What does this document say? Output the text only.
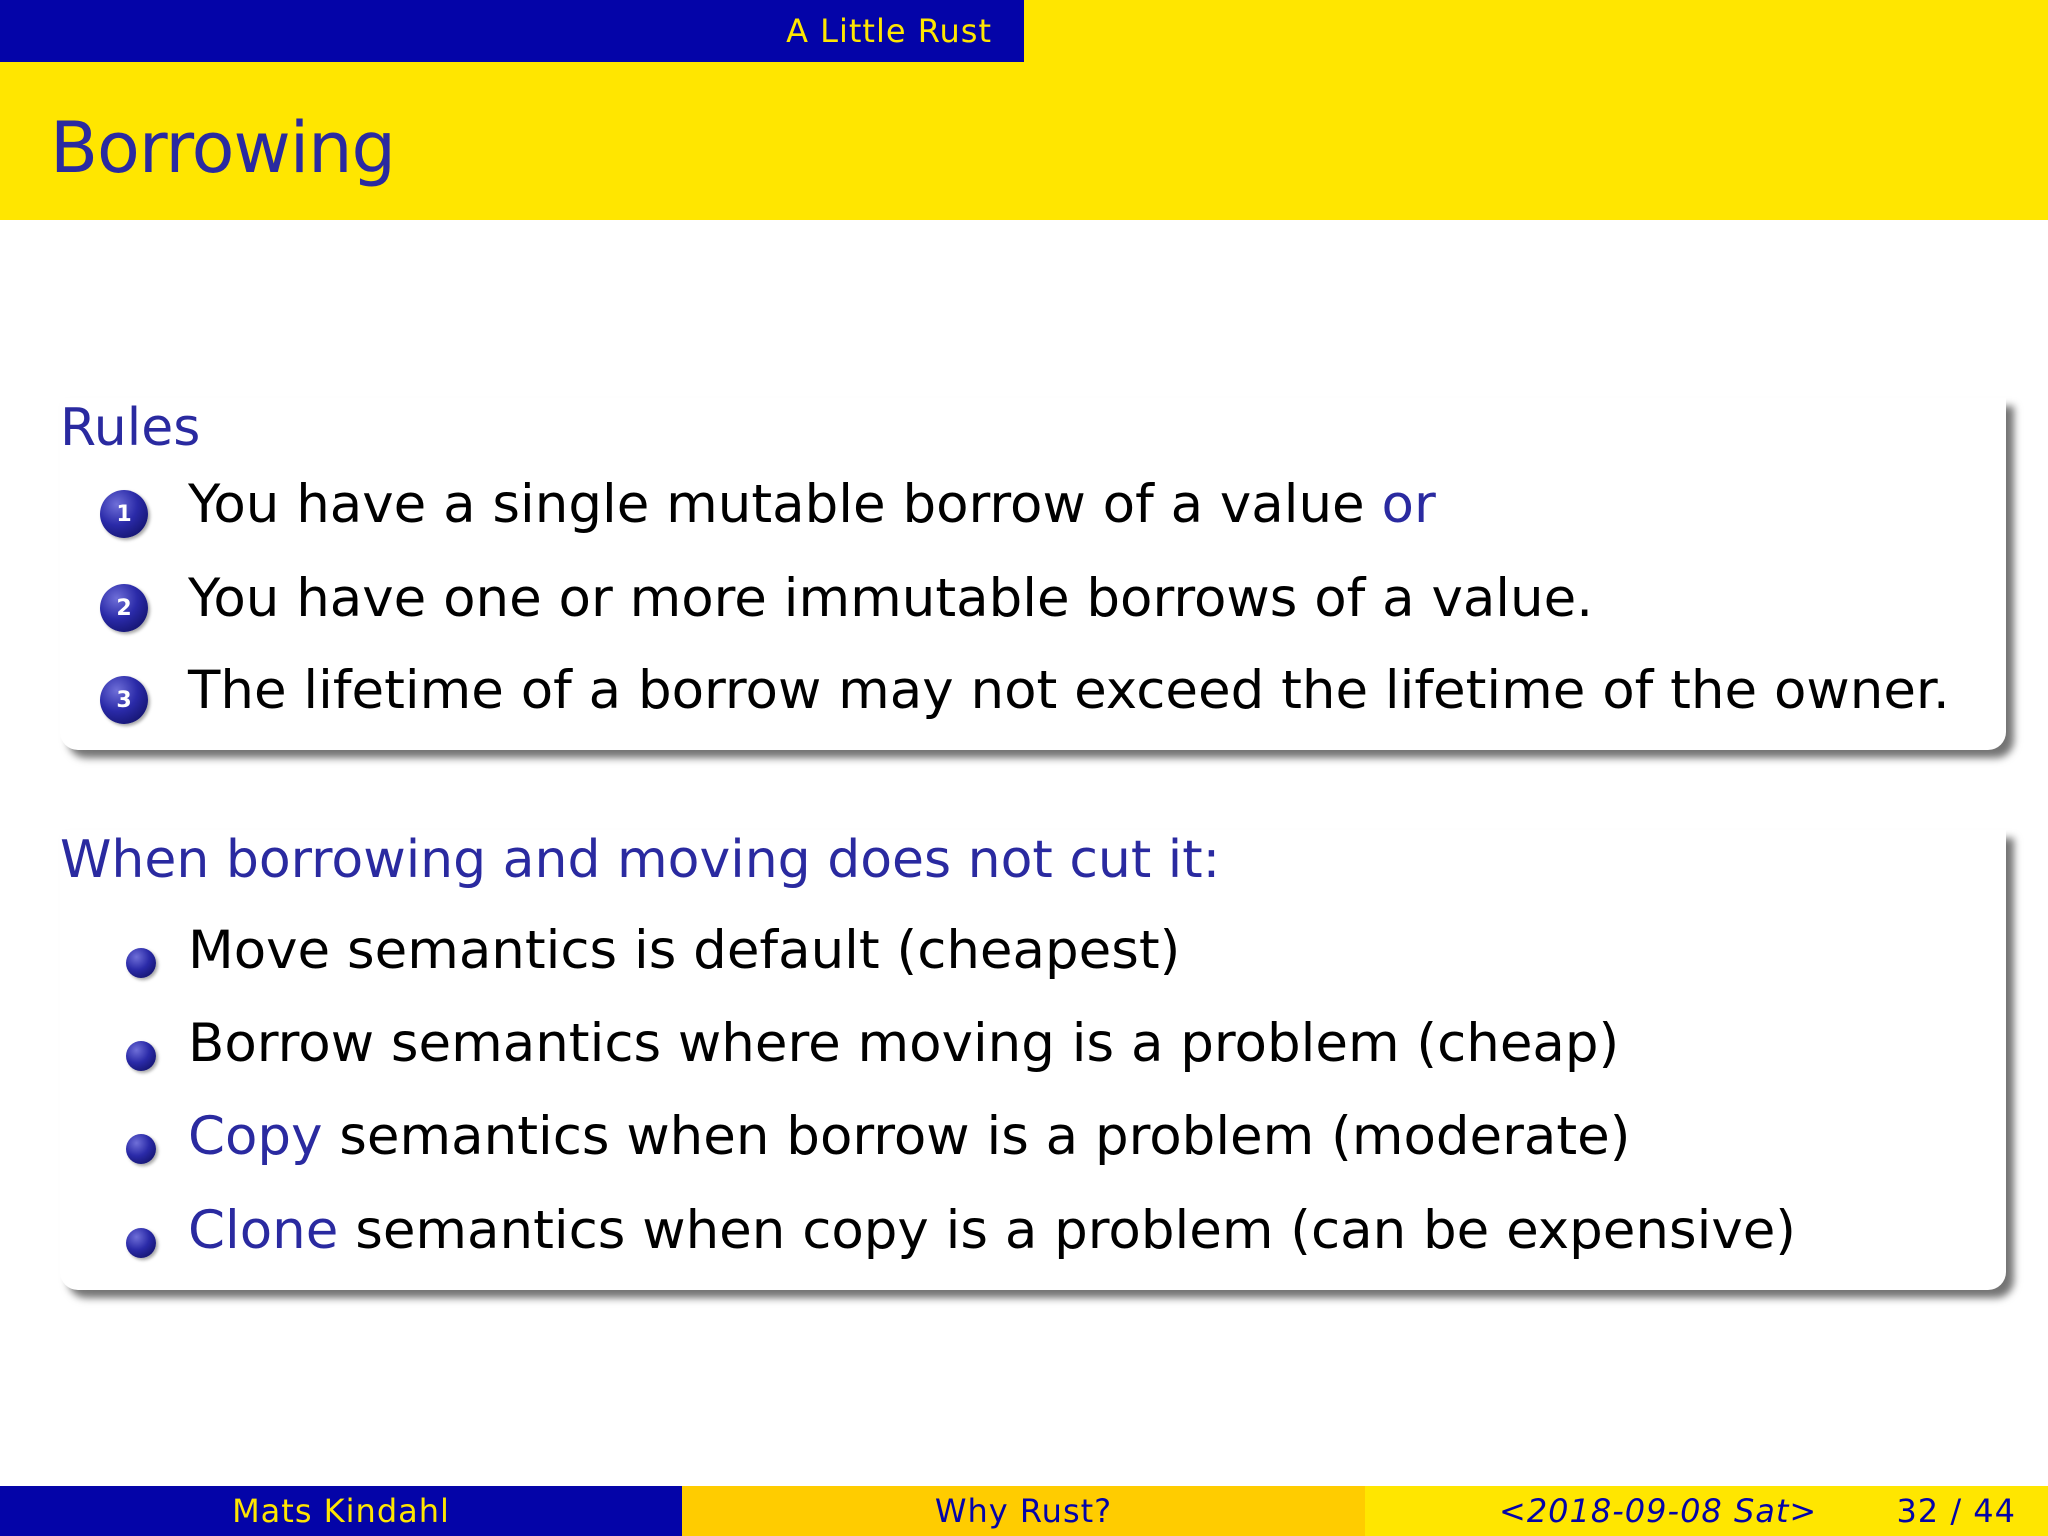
A Little Rust
Borrowing
Rules
1	You have a single mutable borrow of a value or
2	You have one or more immutable borrows of a value.
3	The lifetime of a borrow may not exceed the lifetime of the owner.
When borrowing and moving does not cut it:
Move semantics is default (cheapest)
Borrow semantics where moving is a problem (cheap)
Copy semantics when borrow is a problem (moderate)
Clone semantics when copy is a problem (can be expensive)
Mats Kindahl	Why Rust?	<2018-09-08 Sat> 32 / 44
